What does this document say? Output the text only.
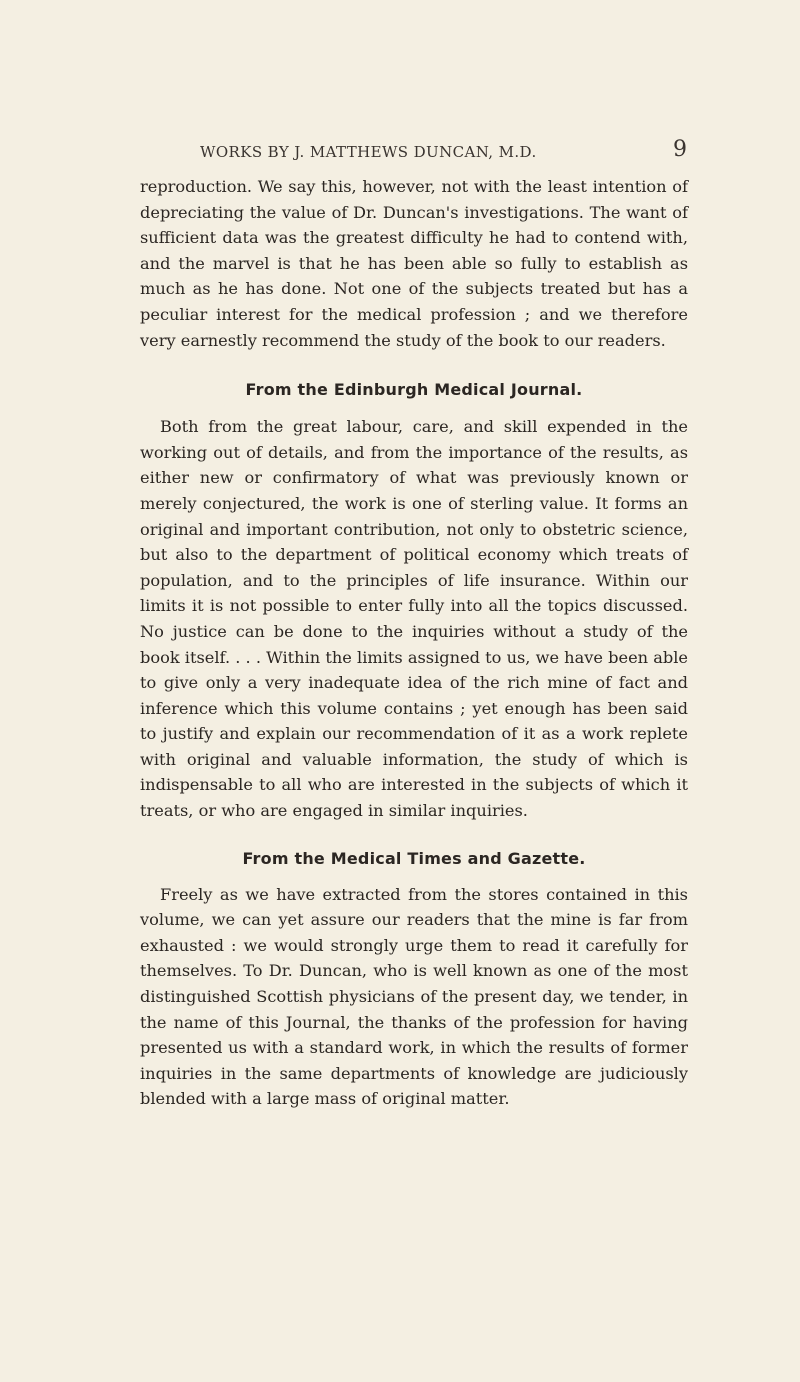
WORKS BY J. MATTHEWS DUNCAN, M.D.	9

reproduction. We say this, however, not with the least intention of depreciating the value of Dr. Duncan's investigations. The want of sufficient data was the greatest difficulty he had to contend with, and the marvel is that he has been able so fully to establish as much as he has done. Not one of the subjects treated but has a peculiar interest for the medical profession ; and we therefore very earnestly recommend the study of the book to our readers.

From the Edinburgh Medical Journal.

Both from the great labour, care, and skill expended in the working out of details, and from the importance of the results, as either new or confirmatory of what was previously known or merely conjectured, the work is one of sterling value. It forms an original and important contribution, not only to obstetric science, but also to the department of political economy which treats of population, and to the principles of life insurance. Within our limits it is not possible to enter fully into all the topics discussed. No justice can be done to the inquiries without a study of the book itself. . . . Within the limits assigned to us, we have been able to give only a very inadequate idea of the rich mine of fact and inference which this volume contains ; yet enough has been said to justify and explain our recommendation of it as a work replete with original and valuable information, the study of which is indispensable to all who are interested in the subjects of which it treats, or who are engaged in similar inquiries.

From the Medical Times and Gazette.

Freely as we have extracted from the stores contained in this volume, we can yet assure our readers that the mine is far from exhausted : we would strongly urge them to read it carefully for themselves. To Dr. Duncan, who is well known as one of the most distinguished Scottish physicians of the present day, we tender, in the name of this Journal, the thanks of the profession for having presented us with a standard work, in which the results of former inquiries in the same departments of knowledge are judiciously blended with a large mass of original matter.
